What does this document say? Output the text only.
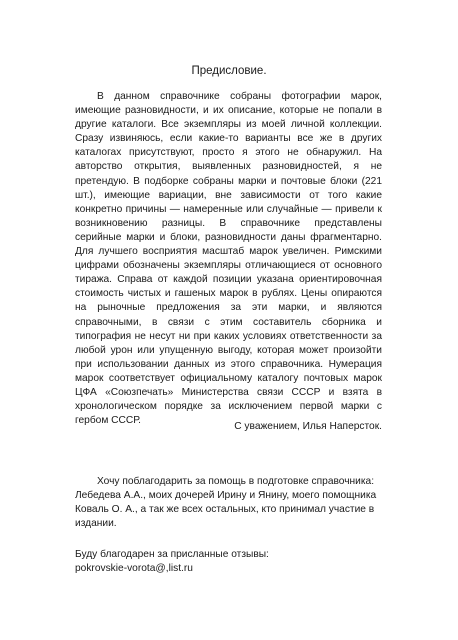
Предисловие.

В данном справочнике собраны фотографии марок, имеющие разновидности, и их описание, которые не попали в другие каталоги. Все экземпляры из моей личной коллекции. Сразу извиняюсь, если какие-то варианты все же в других каталогах присутствуют, просто я этого не обнаружил. На авторство открытия, выявленных разновидностей, я не претендую. В подборке собраны марки и почтовые блоки (221 шт.), имеющие вариации, вне зависимости от того какие конкретно причины — намеренные или случайные — привели к возникновению разницы. В справочнике представлены серийные марки и блоки, разновидности даны фрагментарно. Для лучшего восприятия масштаб марок увеличен. Римскими цифрами обозначены экземпляры отличающиеся от основного тиража. Справа от каждой позиции указана ориентировочная стоимость чистых и гашеных марок в рублях. Цены опираются на рыночные предложения за эти марки, и являются справочными, в связи с этим составитель сборника и типография не несут ни при каких условиях ответственности за любой урон или упущенную выгоду, которая может произойти при использовании данных из этого справочника. Нумерация марок соответствует официальному каталогу почтовых марок ЦФА «Союзпечать» Министерства связи СССР и взята в хронологическом порядке за исключением первой марки с гербом СССР.

С уважением, Илья Наперсток.
Хочу поблагодарить за помощь в подготовке справочника:
Лебедева А.А., моих дочерей Ирину и Янину, моего помощника Коваль О. А., а так же всех остальных, кто принимал участие в издании.
Буду благодарен за присланные отзывы:
pokrovskie-vorota@,list.ru
